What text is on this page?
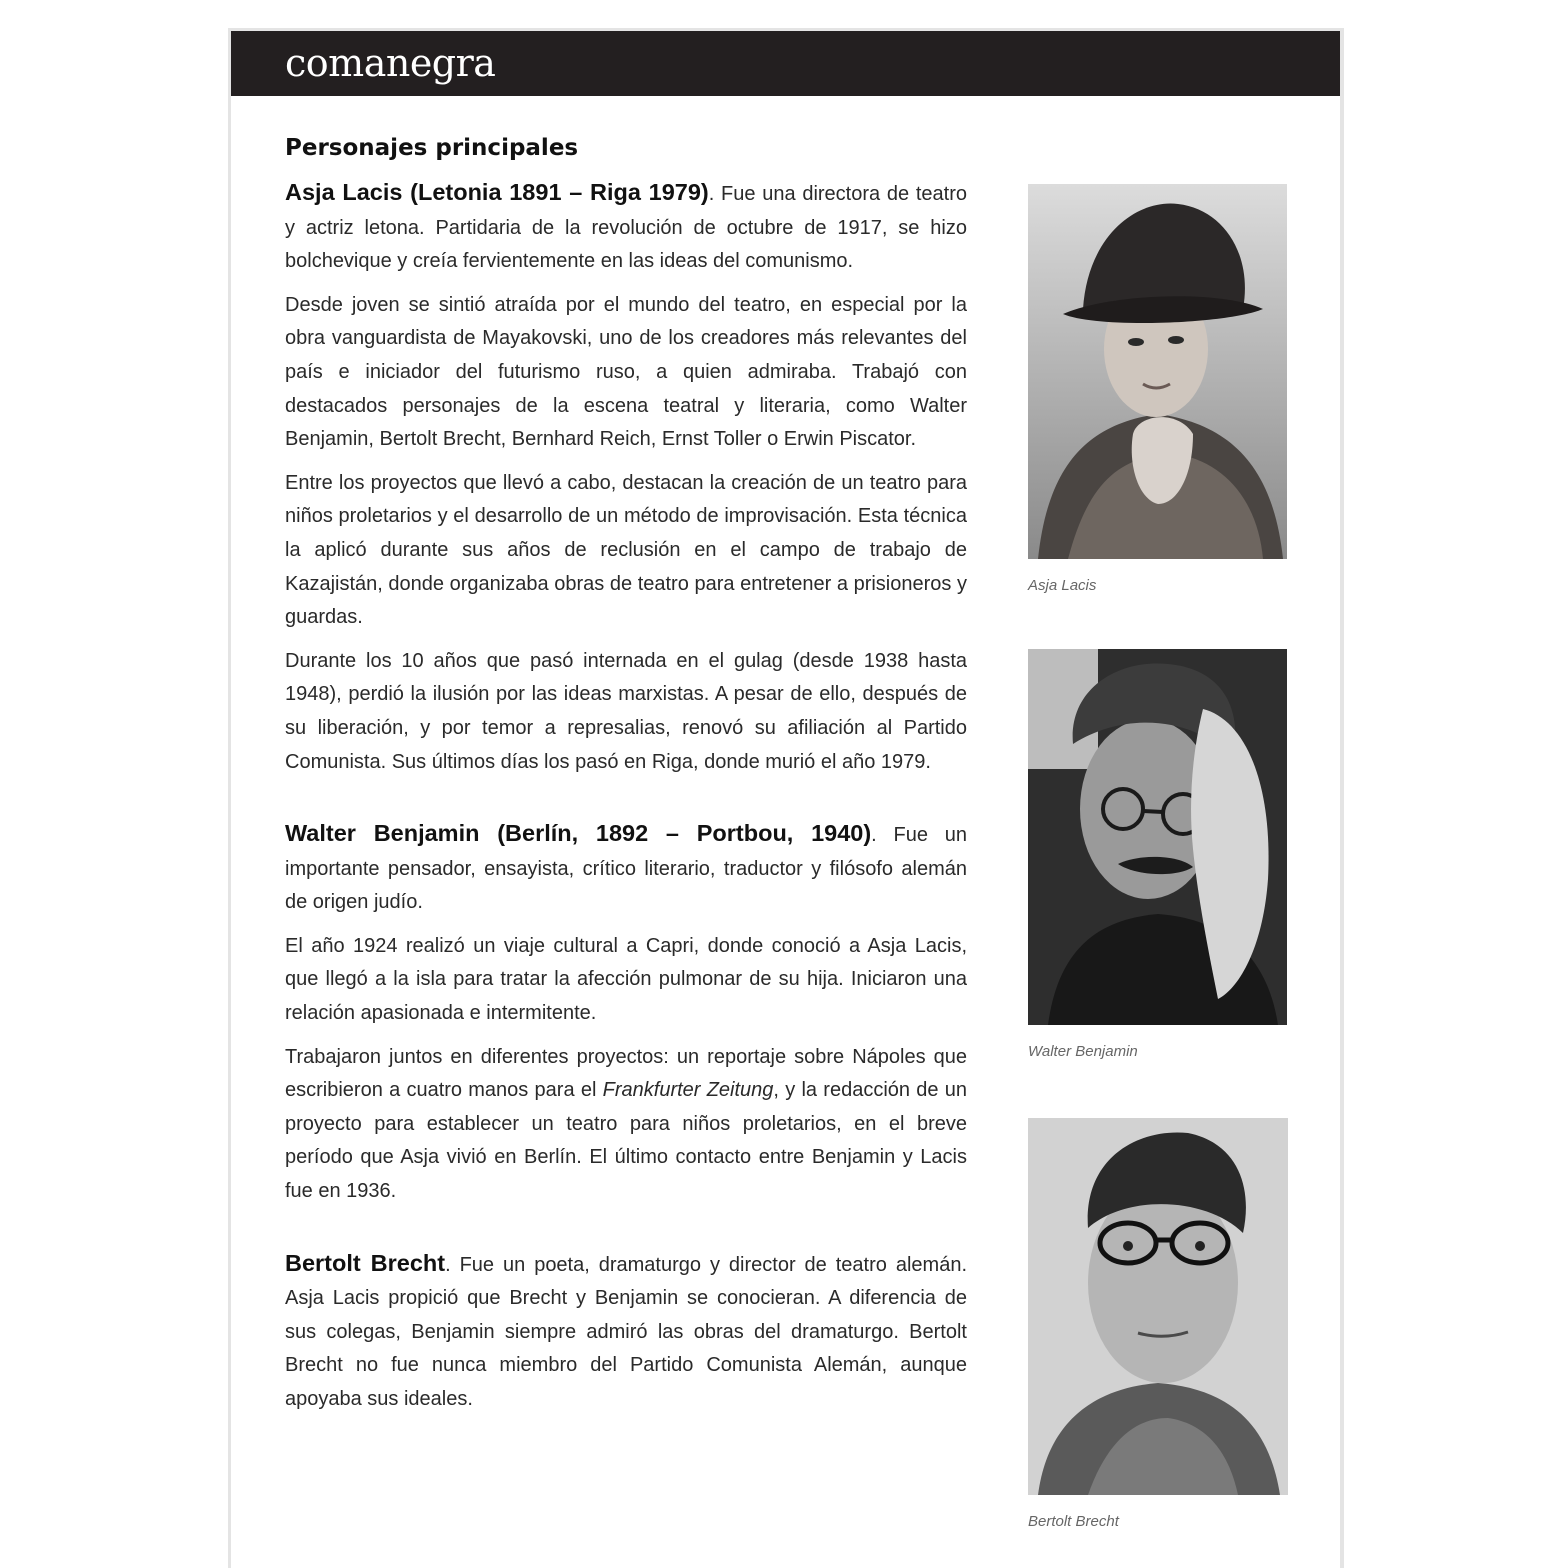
comanegra
Personajes principales

Asja Lacis (Letonia 1891 – Riga 1979). Fue una directora de teatro y actriz letona. Partidaria de la revolución de octubre de 1917, se hizo bolchevique y creía fervientemente en las ideas del comunismo.

Desde joven se sintió atraída por el mundo del teatro, en especial por la obra vanguardista de Mayakovski, uno de los creadores más relevantes del país e iniciador del futurismo ruso, a quien admiraba. Trabajó con destacados personajes de la escena teatral y literaria, como Walter Benjamin, Bertolt Brecht, Bernhard Reich, Ernst Toller o Erwin Piscator.

Entre los proyectos que llevó a cabo, destacan la creación de un teatro para niños proletarios y el desarrollo de un método de improvisación. Esta técnica la aplicó durante sus años de reclusión en el campo de trabajo de Kazajistán, donde organizaba obras de teatro para entretener a prisioneros y guardas.

Durante los 10 años que pasó internada en el gulag (desde 1938 hasta 1948), perdió la ilusión por las ideas marxistas. A pesar de ello, después de su liberación, y por temor a represalias, renovó su afiliación al Partido Comunista. Sus últimos días los pasó en Riga, donde murió el año 1979.

Walter Benjamin (Berlín, 1892 – Portbou, 1940). Fue un importante pensador, ensayista, crítico literario, traductor y filósofo alemán de origen judío.

El año 1924 realizó un viaje cultural a Capri, donde conoció a Asja Lacis, que llegó a la isla para tratar la afección pulmonar de su hija. Iniciaron una relación apasionada e intermitente.

Trabajaron juntos en diferentes proyectos: un reportaje sobre Nápoles que escribieron a cuatro manos para el Frankfurter Zeitung, y la redacción de un proyecto para establecer un teatro para niños proletarios, en el breve período que Asja vivió en Berlín. El último contacto entre Benjamin y Lacis fue en 1936.

Bertolt Brecht. Fue un poeta, dramaturgo y director de teatro alemán. Asja Lacis propició que Brecht y Benjamin se conocieran. A diferencia de sus colegas, Benjamin siempre admiró las obras del dramaturgo. Bertolt Brecht no fue nunca miembro del Partido Comunista Alemán, aunque apoyaba sus ideales.

Asja Lacis
Walter Benjamin
Bertolt Brecht
